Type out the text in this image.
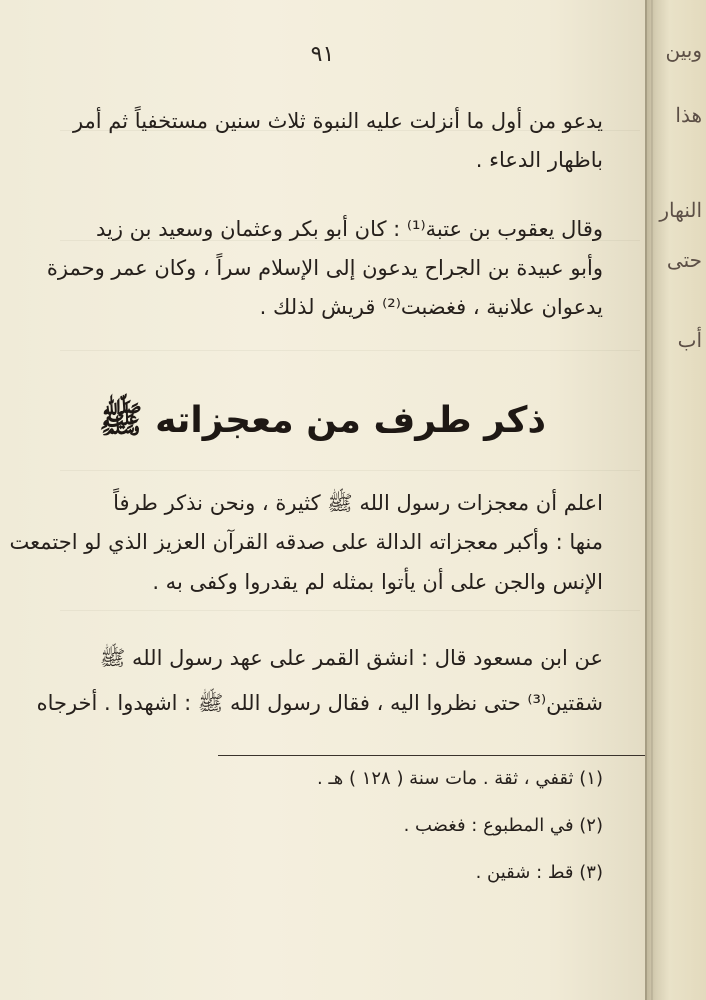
٩١
يدعو من أول ما أنزلت عليه النبوة ثلاث سنين مستخفياً ثم أمر
باظهار الدعاء .
وقال يعقوب بن عتبة⁽¹⁾ : كان أبو بكر وعثمان وسعيد بن زيد
وأبو عبيدة بن الجراح يدعون إلى الإسلام سراً ، وكان عمر وحمزة
يدعوان علانية ، فغضبت⁽²⁾ قريش لذلك .
ذكر طرف من معجزاته ﷺ
اعلم أن معجزات رسول الله ﷺ كثيرة ، ونحن نذكر طرفاً
منها : وأكبر معجزاته الدالة على صدقه القرآن العزيز الذي لو اجتمعت
الإنس والجن على أن يأتوا بمثله لم يقدروا وكفى به .
عن ابن مسعود قال : انشق القمر على عهد رسول الله ﷺ
شقتين⁽³⁾ حتى نظروا اليه ، فقال رسول الله ﷺ : اشهدوا . أخرجاه
(١) ثقفي ، ثقة . مات سنة ( ١٢٨ ) هـ .
(٢) في المطبوع : فغضب .
(٣) قط : شقين .
وبين
هذا
النهار
حتى
أب
